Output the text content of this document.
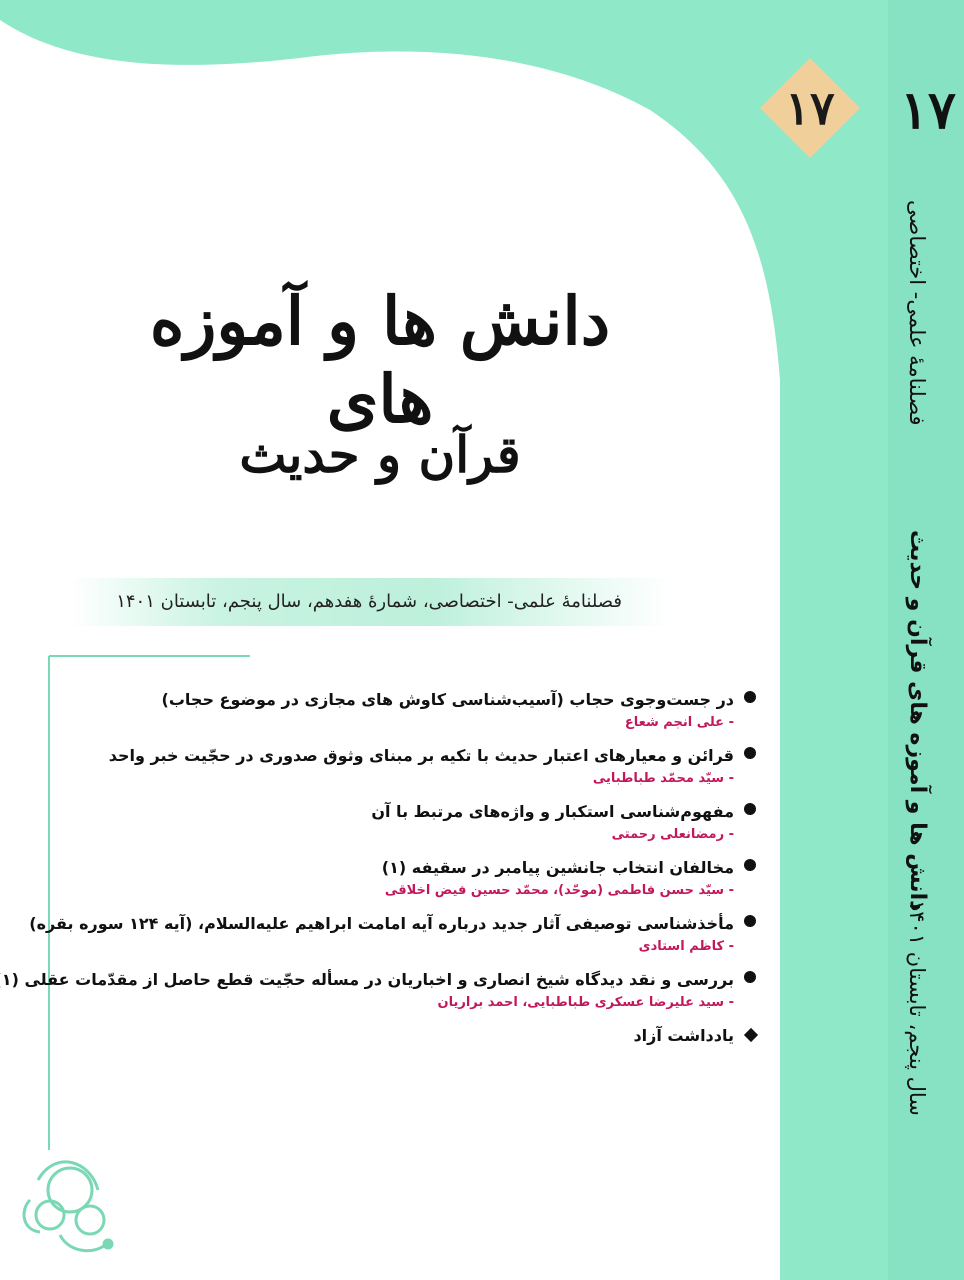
۱۷
فصلنامهٔ علمی- اختصاصی
دانش ها و آموزه های قرآن و حدیث
سال پنجم، تابستان ۱۴۰۱
۱۷
دانش ها و آموزه های
قرآن و حدیث
فصلنامهٔ علمی- اختصاصی، شمارهٔ هفدهم، سال پنجم، تابستان ۱۴۰۱
در جست‌وجوی حجاب (آسیب‌شناسی کاوش های مجازی در موضوع حجاب)
- علی انجم شعاع
قرائن و معیارهای اعتبار حدیث با تکیه بر مبنای وثوق صدوری در حجّیت خبر واحد
- سیّد محمّد طباطبایی
مفهوم‌شناسی استکبار و واژه‌های مرتبط با آن
- رمضانعلی رحمتی
مخالفان انتخاب جانشین پیامبر در سقیفه (۱)
- سیّد حسن فاطمی (موحّد)، محمّد حسین فیض اخلاقی
مأخذشناسی توصیفی آثار جدید درباره آیه امامت ابراهیم علیه‌السلام، (آیه ۱۲۴ سوره بقره)
- کاظم استادی
بررسی و نقد دیدگاه شیخ انصاری و اخباریان در مسأله حجّیت قطع حاصل از مقدّمات عقلی (۱
- سید علیرضا عسکری طباطبایی، احمد براریان
یادداشت آزاد
